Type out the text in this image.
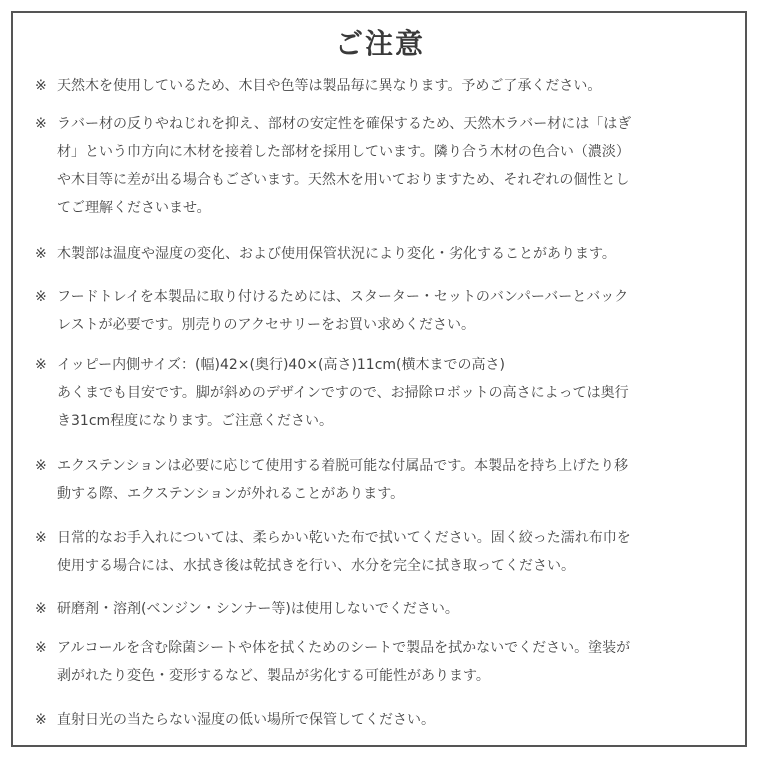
ご注意
※ 天然木を使用しているため、木目や色等は製品毎に異なります。予めご了承ください。
※ ラバー材の反りやねじれを抑え、部材の安定性を確保するため、天然木ラバー材には「はぎ
材」という巾方向に木材を接着した部材を採用しています。隣り合う木材の色合い（濃淡）
や木目等に差が出る場合もございます。天然木を用いておりますため、それぞれの個性とし
てご理解くださいませ。
※ 木製部は温度や湿度の変化、および使用保管状況により変化・劣化することがあります。
※ フードトレイを本製品に取り付けるためには、スターター・セットのバンパーバーとバック
レストが必要です。別売りのアクセサリーをお買い求めください。
※ イッピー内側サイズ：(幅)42×(奥行)40×(高さ)11cm(横木までの高さ)
あくまでも目安です。脚が斜めのデザインですので、お掃除ロボットの高さによっては奥行
き31cm程度になります。ご注意ください。
※ エクステンションは必要に応じて使用する着脱可能な付属品です。本製品を持ち上げたり移
動する際、エクステンションが外れることがあります。
※ 日常的なお手入れについては、柔らかい乾いた布で拭いてください。固く絞った濡れ布巾を
使用する場合には、水拭き後は乾拭きを行い、水分を完全に拭き取ってください。
※ 研磨剤・溶剤(ベンジン・シンナー等)は使用しないでください。
※ アルコールを含む除菌シートや体を拭くためのシートで製品を拭かないでください。塗装が
剥がれたり変色・変形するなど、製品が劣化する可能性があります。
※ 直射日光の当たらない湿度の低い場所で保管してください。
